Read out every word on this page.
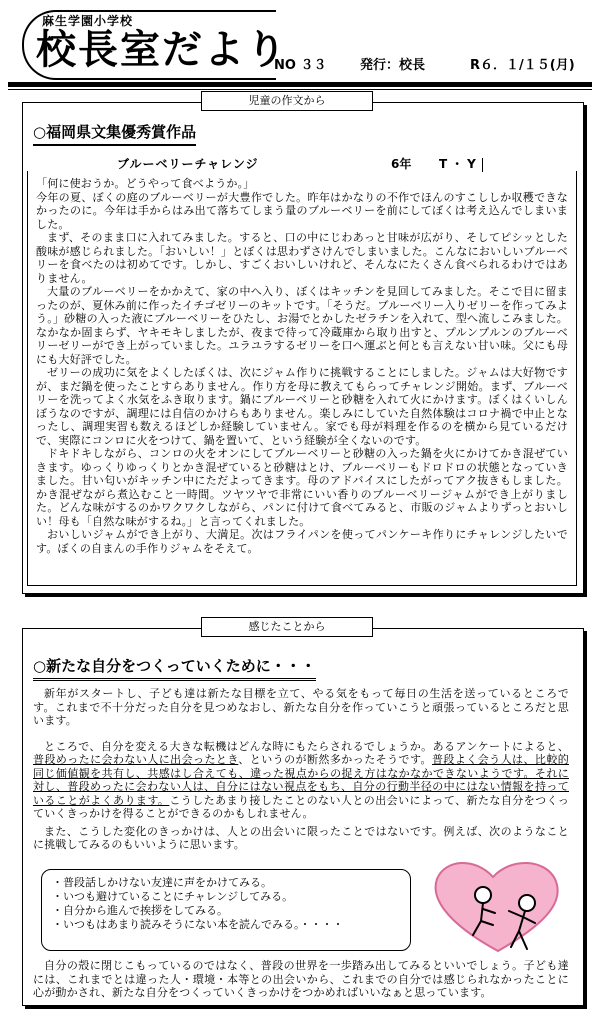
麻生学園小学校
校長室だより
NO ３３	発行：校長	R６．１/１５(月)
児童の作文から
○福岡県文集優秀賞作品
ブルーベリーチャレンジ	6年 T・Y

「何に使おうか。どうやって食べようか。」

今年の夏、ぼくの庭のブルーベリーが大豊作でした。昨年はかなりの不作でほんのすこししか収穫できなかったのに。今年は手からはみ出て落ちてしまう量のブルーベリーを前にしてぼくは考え込んでしまいました。

まず、そのまま口に入れてみました。すると、口の中にじわあっと甘味が広がり、そしてピシッとした酸味が感じられました。「おいしい！」とぼくは思わずさけんでしまいました。こんなにおいしいブルーベリーを食べたのは初めてです。しかし、すごくおいしいけれど、そんなにたくさん食べられるわけではありません。

大量のブルーベリーをかかえて、家の中へ入り、ぼくはキッチンを見回してみました。そこで目に留まったのが、夏休み前に作ったイチゴゼリーのキットです。「そうだ。ブルーベリー入りゼリーを作ってみよう。」砂糖の入った液にブルーベリーをひたし、お湯でとかしたゼラチンを入れて、型へ流しこみました。なかなか固まらず、ヤキモキしましたが、夜まで待って冷蔵庫から取り出すと、プルンプルンのブルーベリーゼリーができ上がっていました。ユラユラするゼリーを口へ運ぶと何とも言えない甘い味。父にも母にも大好評でした。

ゼリーの成功に気をよくしたぼくは、次にジャム作りに挑戦することにしました。ジャムは大好物ですが、まだ鍋を使ったことすらありません。作り方を母に教えてもらってチャレンジ開始。まず、ブルーベリーを洗ってよく水気をふき取ります。鍋にブルーベリーと砂糖を入れて火にかけます。ぼくはくいしんぼうなのですが、調理には自信のかけらもありません。楽しみにしていた自然体験はコロナ禍で中止となったし、調理実習も数えるほどしか経験していません。家でも母が料理を作るのを横から見ているだけで、実際にコンロに火をつけて、鍋を置いて、という経験が全くないのです。

ドキドキしながら、コンロの火をオンにしてブルーベリーと砂糖の入った鍋を火にかけてかき混ぜていきます。ゆっくりゆっくりとかき混ぜていると砂糖はとけ、ブルーベリーもドロドロの状態となっていきました。甘い匂いがキッチン中にただよってきます。母のアドバイスにしたがってアク抜きもしました。かき混ぜながら煮込むこと一時間。ツヤツヤで非常にいい香りのブルーベリージャムができ上がりました。どんな味がするのかワクワクしながら、パンに付けて食べてみると、市販のジャムよりずっとおいしい！母も「自然な味がするね。」と言ってくれました。

おいしいジャムができ上がり、大満足。次はフライパンを使ってパンケーキ作りにチャレンジしたいです。ぼくの自まんの手作りジャムをそえて。

感じたことから
○新たな自分をつくっていくために・・・

新年がスタートし、子ども達は新たな目標を立て、やる気をもって毎日の生活を送っているところです。これまで不十分だった自分を見つめなおし、新たな自分を作っていこうと頑張っているところだと思います。

ところで、自分を変える大きな転機はどんな時にもたらされるでしょうか。あるアンケートによると、普段めったに会わない人に出会ったとき、というのが断然多かったそうです。普段よく会う人は、比較的同じ価値観を共有し、共感はし合えても、違った視点からの捉え方はなかなかできないようです。それに対し、普段めったに会わない人は、自分にはない視点をもち、自分の行動半径の中にはない情報を持っていることがよくあります。こうしたあまり接したことのない人との出会いによって、新たな自分をつくっていくきっかけを得ることができるのかもしれません。

また、こうした変化のきっかけは、人との出会いに限ったことではないです。例えば、次のようなことに挑戦してみるのもいいように思います。

・普段話しかけない友達に声をかけてみる。
・いつも避けていることにチャレンジしてみる。
・自分から進んで挨拶をしてみる。
・いつもはあまり読みそうにない本を読んでみる。・・・・

自分の殻に閉じこもっているのではなく、普段の世界を一歩踏み出してみるといいでしょう。子ども達には、これまでとは違った人・環境・本等との出会いから、これまでの自分では感じられなかったことに心が動かされ、新たな自分をつくっていくきっかけをつかめればいいなぁと思っています。
